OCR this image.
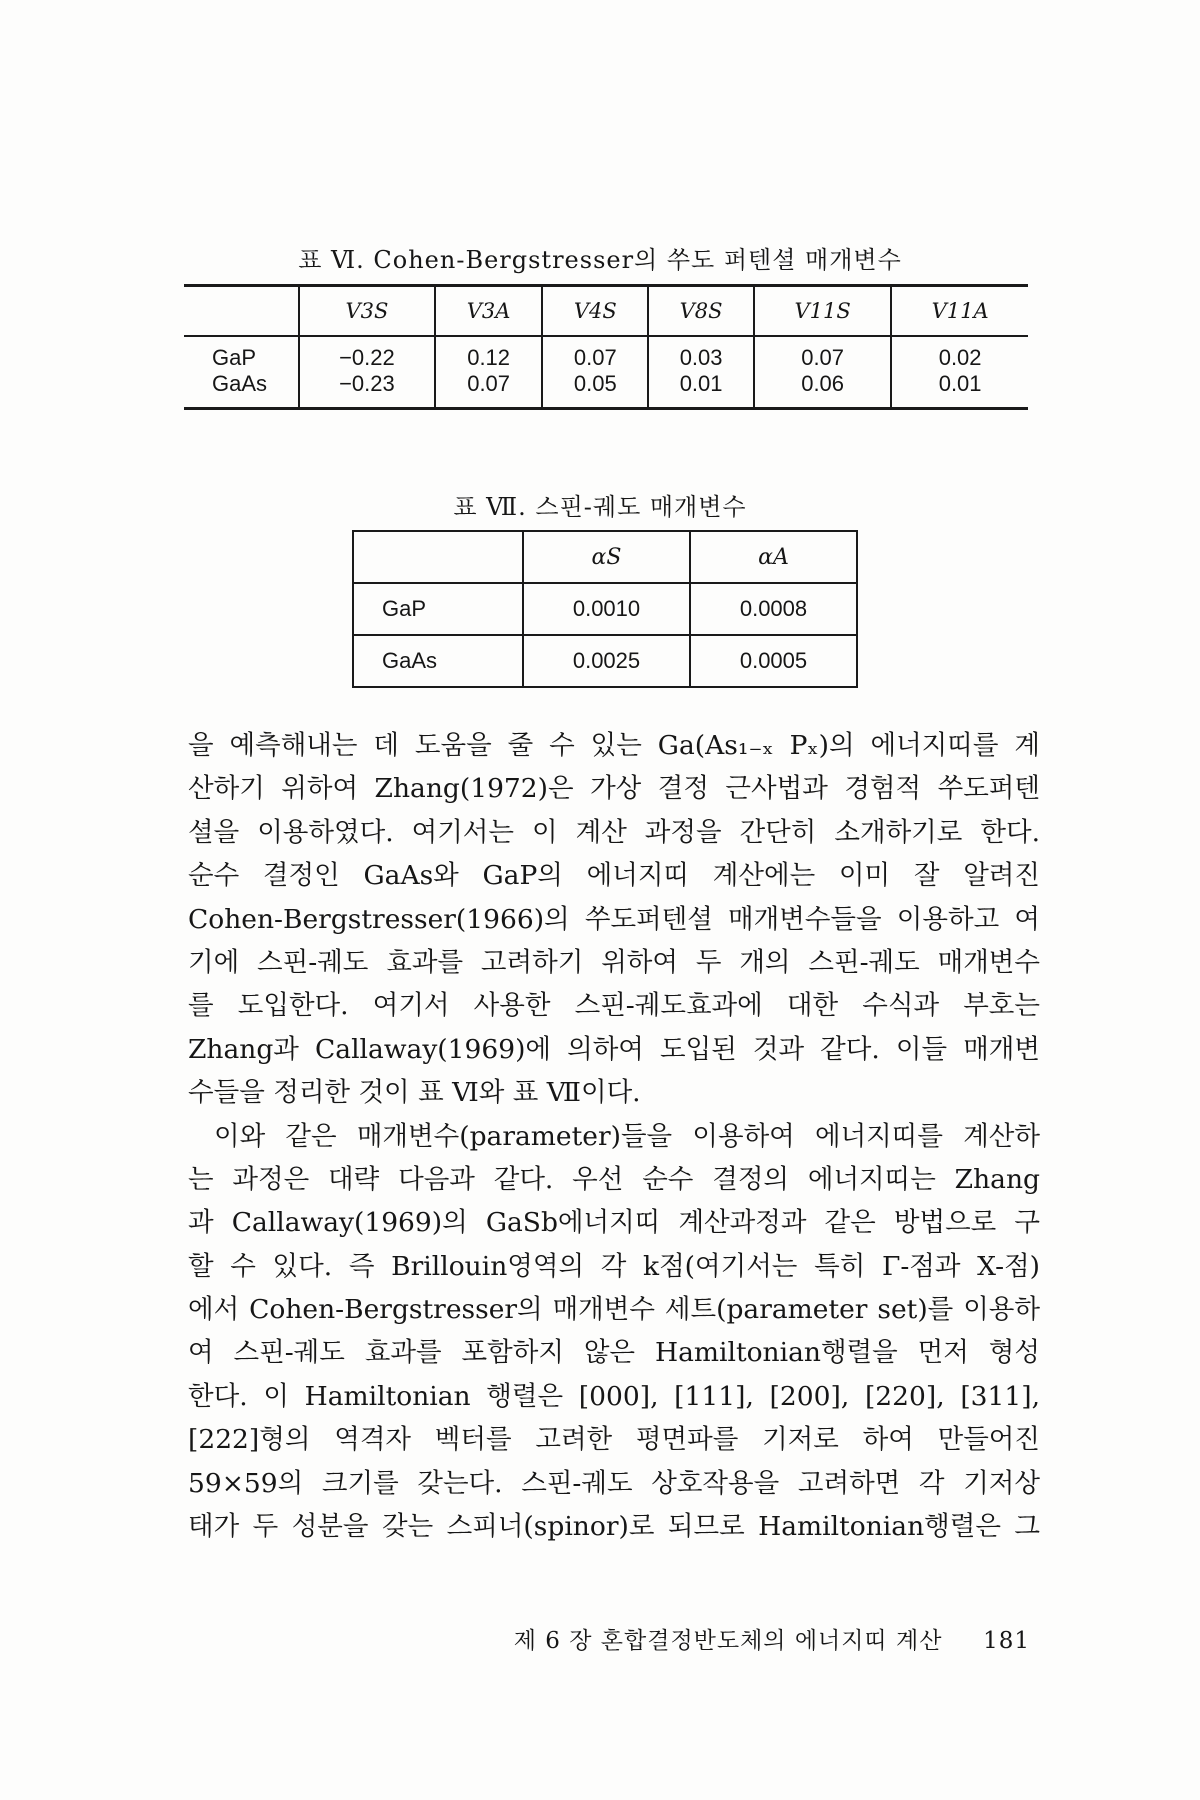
표 Ⅵ. Cohen-Bergstresser의 쑤도 퍼텐셜 매개변수
	V3S	V3A	V4S	V8S	V11S	V11A
GaP	−0.22	0.12	0.07	0.03	0.07	0.02
GaAs	−0.23	0.07	0.05	0.01	0.06	0.01
표 Ⅶ. 스핀-궤도 매개변수
	αS	αA
GaP	0.0010	0.0008
GaAs	0.0025	0.0005

을 예측해내는 데 도움을 줄 수 있는 Ga(As₁₋ₓ Pₓ)의 에너지띠를 계
산하기 위하여 Zhang(1972)은 가상 결정 근사법과 경험적 쑤도퍼텐
셜을 이용하였다. 여기서는 이 계산 과정을 간단히 소개하기로 한다.
순수 결정인 GaAs와 GaP의 에너지띠 계산에는 이미 잘 알려진
Cohen-Bergstresser(1966)의 쑤도퍼텐셜 매개변수들을 이용하고 여
기에 스핀-궤도 효과를 고려하기 위하여 두 개의 스핀-궤도 매개변수
를 도입한다. 여기서 사용한 스핀-궤도효과에 대한 수식과 부호는
Zhang과 Callaway(1969)에 의하여 도입된 것과 같다. 이들 매개변
수들을 정리한 것이 표 Ⅵ와 표 Ⅶ이다.

이와 같은 매개변수(parameter)들을 이용하여 에너지띠를 계산하
는 과정은 대략 다음과 같다. 우선 순수 결정의 에너지띠는 Zhang
과 Callaway(1969)의 GaSb에너지띠 계산과정과 같은 방법으로 구
할 수 있다. 즉 Brillouin영역의 각 k점(여기서는 특히 Γ-점과 X-점)
에서 Cohen-Bergstresser의 매개변수 세트(parameter set)를 이용하
여 스핀-궤도 효과를 포함하지 않은 Hamiltonian행렬을 먼저 형성
한다. 이 Hamiltonian 행렬은 [000], [111], [200], [220], [311],
[222]형의 역격자 벡터를 고려한 평면파를 기저로 하여 만들어진
59×59의 크기를 갖는다. 스핀-궤도 상호작용을 고려하면 각 기저상
태가 두 성분을 갖는 스피너(spinor)로 되므로 Hamiltonian행렬은 그

제 6 장 혼합결정반도체의 에너지띠 계산 181
